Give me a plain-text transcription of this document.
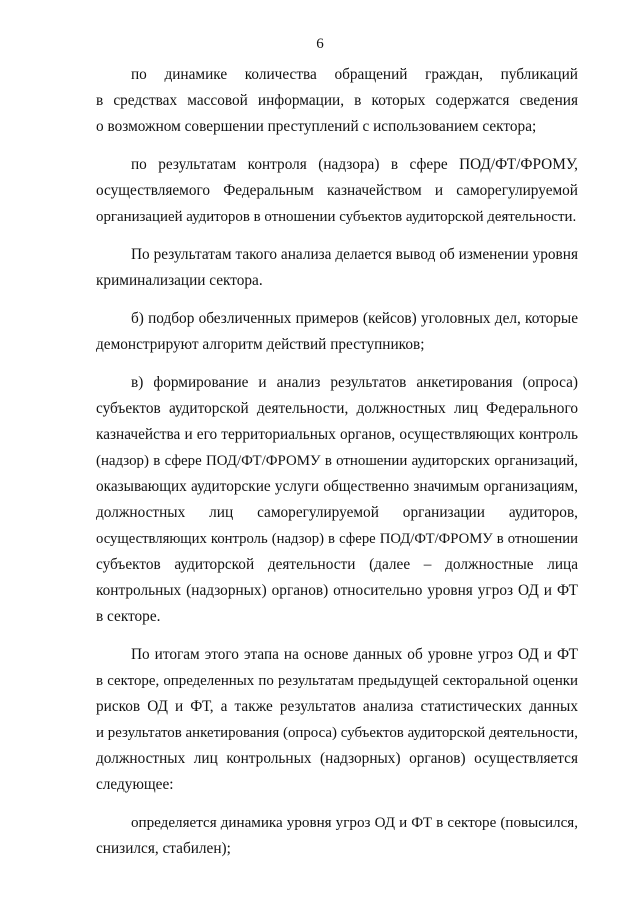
6
по динамике количества обращений граждан, публикаций
в средствах массовой информации, в которых содержатся сведения
о возможном совершении преступлений с использованием сектора;
по результатам контроля (надзора) в сфере ПОД/ФТ/ФРОМУ,
осуществляемого Федеральным казначейством и саморегулируемой
организацией аудиторов в отношении субъектов аудиторской деятельности.
По результатам такого анализа делается вывод об изменении уровня
криминализации сектора.
б) подбор обезличенных примеров (кейсов) уголовных дел, которые
демонстрируют алгоритм действий преступников;
в) формирование и анализ результатов анкетирования (опроса)
субъектов аудиторской деятельности, должностных лиц Федерального
казначейства и его территориальных органов, осуществляющих контроль
(надзор) в сфере ПОД/ФТ/ФРОМУ в отношении аудиторских организаций,
оказывающих аудиторские услуги общественно значимым организациям,
должностных лиц саморегулируемой организации аудиторов,
осуществляющих контроль (надзор) в сфере ПОД/ФТ/ФРОМУ в отношении
субъектов аудиторской деятельности (далее – должностные лица
контрольных (надзорных) органов) относительно уровня угроз ОД и ФТ
в секторе.
По итогам этого этапа на основе данных об уровне угроз ОД и ФТ
в секторе, определенных по результатам предыдущей секторальной оценки
рисков ОД и ФТ, а также результатов анализа статистических данных
и результатов анкетирования (опроса) субъектов аудиторской деятельности,
должностных лиц контрольных (надзорных) органов) осуществляется
следующее:
определяется динамика уровня угроз ОД и ФТ в секторе (повысился,
снизился, стабилен);
